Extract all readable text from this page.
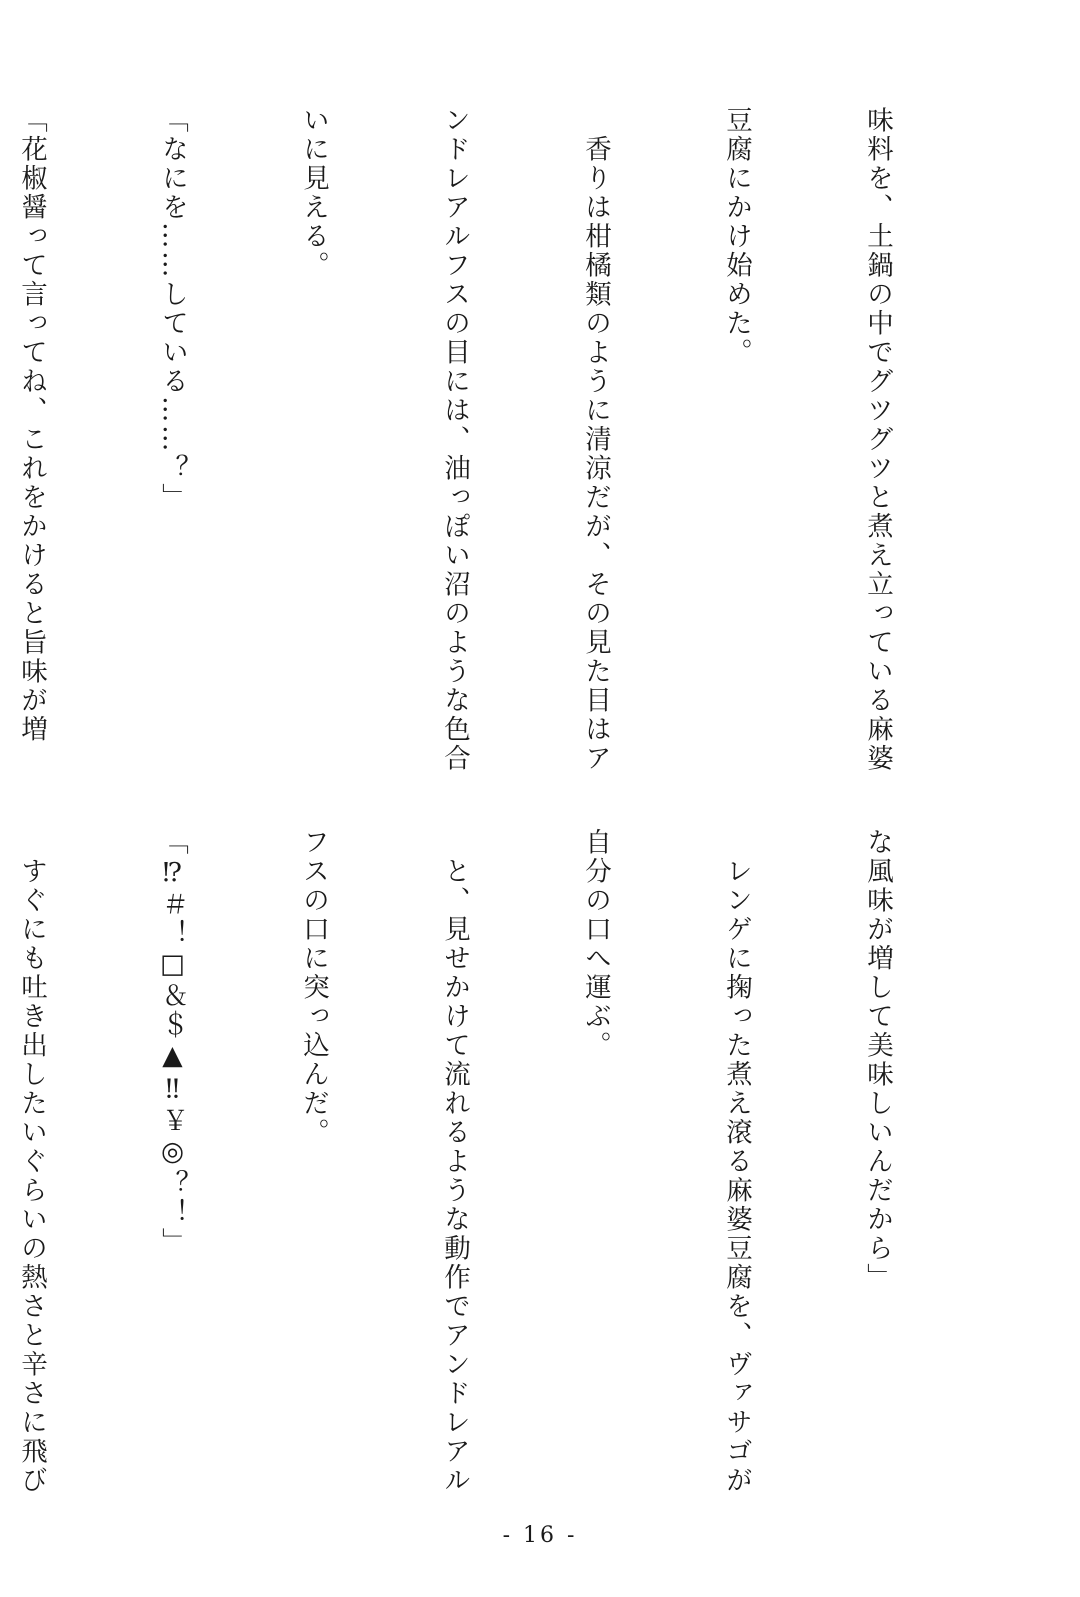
味料を、土鍋の中でグツグツと煮え立っている麻婆

豆腐にかけ始めた。

　香りは柑橘類のように清涼だが、その見た目はア

ンドレアルフスの目には、油っぽい沼のような色合

いに見える。

「なにを……している……？」

「花椒醤って言ってね、これをかけると旨味が増

な風味が増して美味しいんだから」

　レンゲに掬った煮え滾る麻婆豆腐を、ヴァサゴが

自分の口へ運ぶ。

　と、見せかけて流れるような動作でアンドレアル

フスの口に突っ込んだ。

「⁉＃！□＆＄▲‼￥◎？！」

　すぐにも吐き出したいぐらいの熱さと辛さに飛び

- 16 -
